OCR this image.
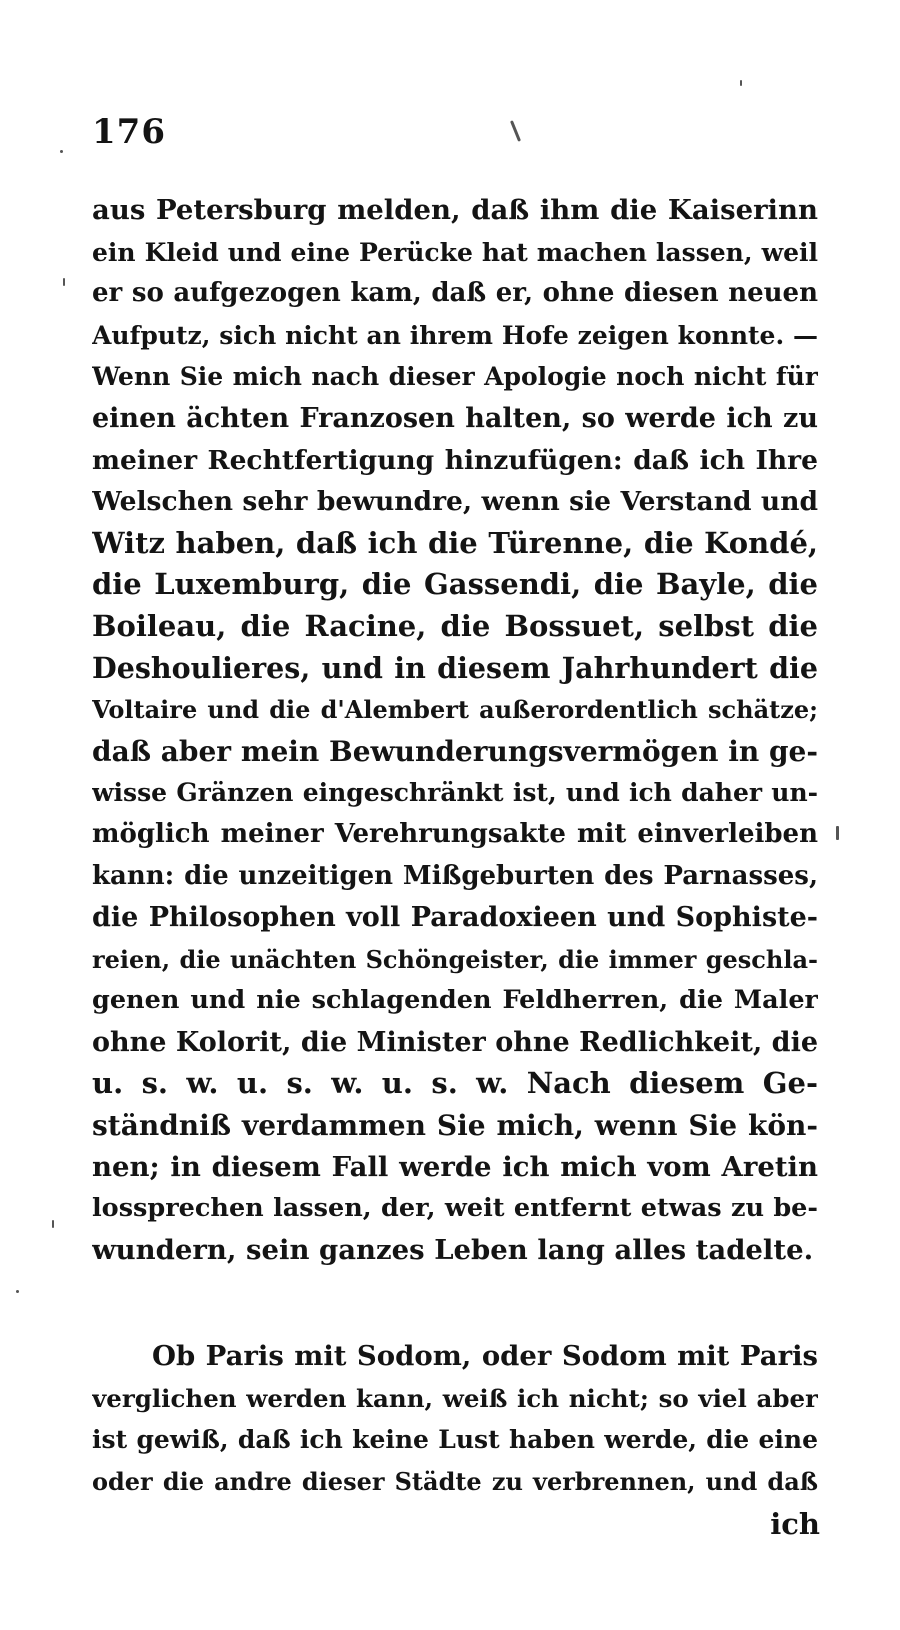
176
aus Petersburg melden, daß ihm die Kaiserinn
ein Kleid und eine Perücke hat machen lassen, weil
er so aufgezogen kam, daß er, ohne diesen neuen
Aufputz, sich nicht an ihrem Hofe zeigen konnte. —
Wenn Sie mich nach dieser Apologie noch nicht für
einen ächten Franzosen halten, so werde ich zu
meiner Rechtfertigung hinzufügen: daß ich Ihre
Welschen sehr bewundre, wenn sie Verstand und
Witz haben, daß ich die Türenne, die Kondé,
die Luxemburg, die Gassendi, die Bayle, die
Boileau, die Racine, die Bossuet, selbst die
Deshoulieres, und in diesem Jahrhundert die
Voltaire und die d'Alembert außerordentlich schätze;
daß aber mein Bewunderungsvermögen in ge-
wisse Gränzen eingeschränkt ist, und ich daher un-
möglich meiner Verehrungsakte mit einverleiben
kann: die unzeitigen Mißgeburten des Parnasses,
die Philosophen voll Paradoxieen und Sophiste-
reien, die unächten Schöngeister, die immer geschla-
genen und nie schlagenden Feldherren, die Maler
ohne Kolorit, die Minister ohne Redlichkeit, die
u. s. w. u. s. w. u. s. w. Nach diesem Ge-
ständniß verdammen Sie mich, wenn Sie kön-
nen; in diesem Fall werde ich mich vom Aretin
lossprechen lassen, der, weit entfernt etwas zu be-
wundern, sein ganzes Leben lang alles tadelte.
Ob Paris mit Sodom, oder Sodom mit Paris
verglichen werden kann, weiß ich nicht; so viel aber
ist gewiß, daß ich keine Lust haben werde, die eine
oder die andre dieser Städte zu verbrennen, und daß
ich
